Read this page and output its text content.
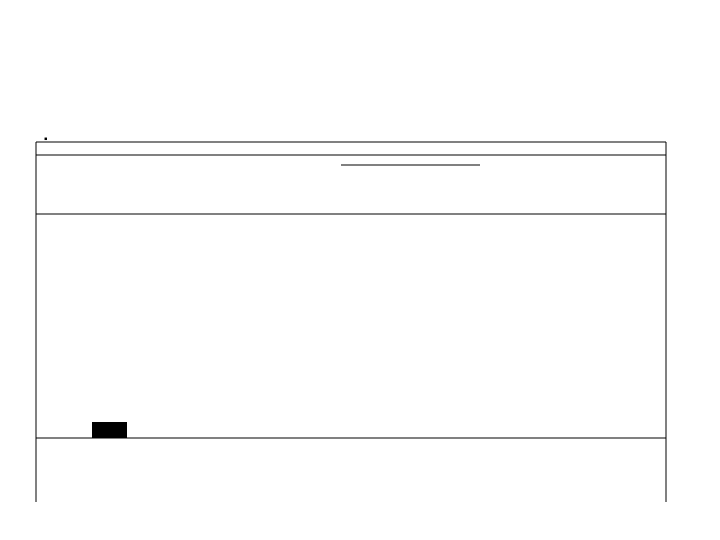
▪
